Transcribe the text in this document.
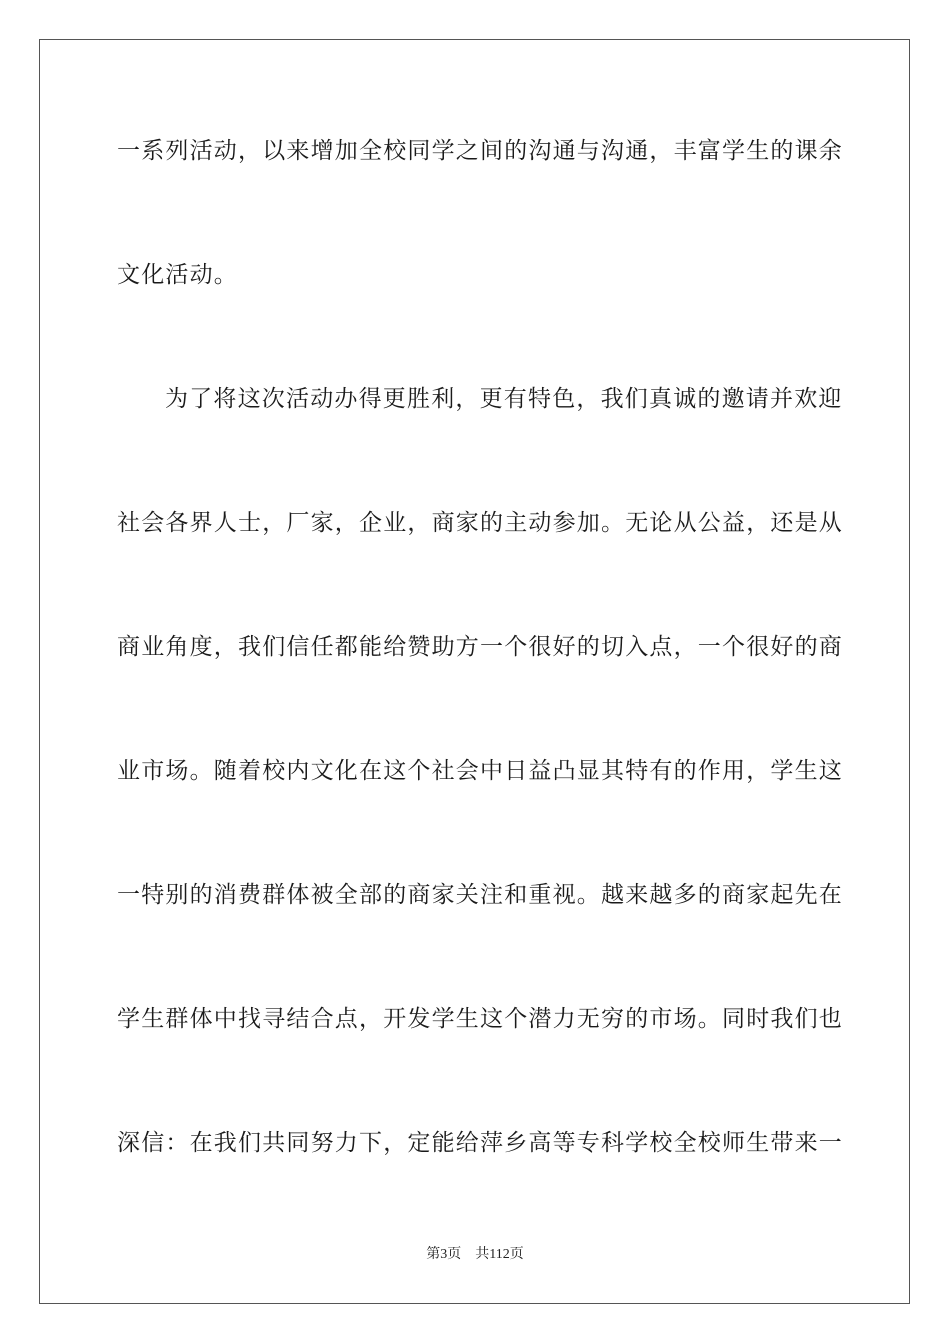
一系列活动，以来增加全校同学之间的沟通与沟通，丰富学生的课余
文化活动。
为了将这次活动办得更胜利，更有特色，我们真诚的邀请并欢迎
社会各界人士，厂家，企业，商家的主动参加。无论从公益，还是从
商业角度，我们信任都能给赞助方一个很好的切入点，一个很好的商
业市场。随着校内文化在这个社会中日益凸显其特有的作用，学生这
一特别的消费群体被全部的商家关注和重视。越来越多的商家起先在
学生群体中找寻结合点，开发学生这个潜力无穷的市场。同时我们也
深信：在我们共同努力下，定能给萍乡高等专科学校全校师生带来一
第3页 共112页
